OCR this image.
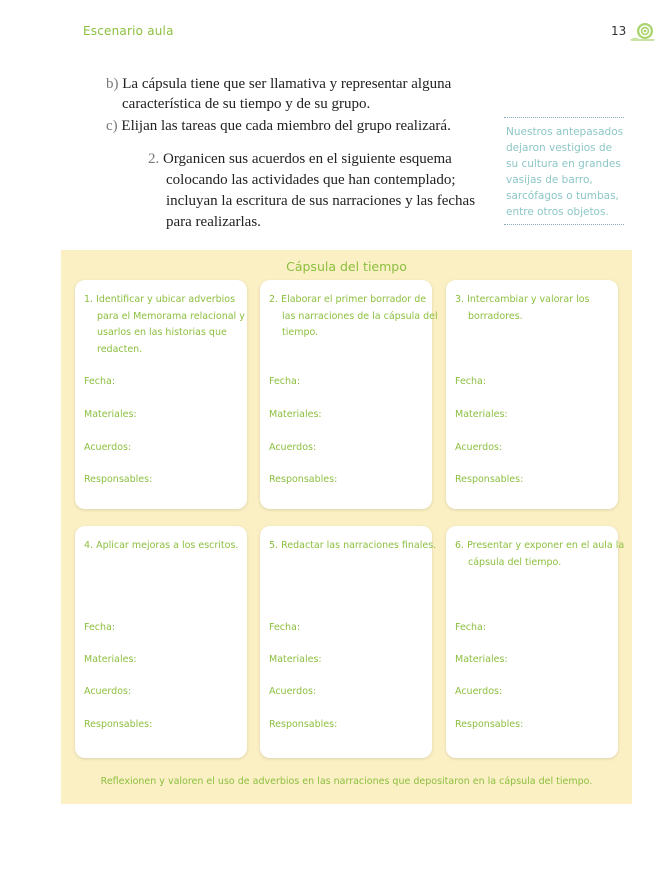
Escenario aula	13
b) La cápsula tiene que ser llamativa y representar alguna
característica de su tiempo y de su grupo.
c) Elijan las tareas que cada miembro del grupo realizará.
2. Organicen sus acuerdos en el siguiente esquema
colocando las actividades que han contemplado;
incluyan la escritura de sus narraciones y las fechas
para realizarlas.
Nuestros antepasados
dejaron vestigios de
su cultura en grandes
vasijas de barro,
sarcófagos o tumbas,
entre otros objetos.
Cápsula del tiempo
1. Identificar y ubicar adverbios para el Memorama relacional y usarlos en las historias que redacten.
Fecha:
Materiales:
Acuerdos:
Responsables:
2. Elaborar el primer borrador de las narraciones de la cápsula del tiempo.
Fecha:
Materiales:
Acuerdos:
Responsables:
3. Intercambiar y valorar los borradores.
Fecha:
Materiales:
Acuerdos:
Responsables:
4. Aplicar mejoras a los escritos.
Fecha:
Materiales:
Acuerdos:
Responsables:
5. Redactar las narraciones finales.
Fecha:
Materiales:
Acuerdos:
Responsables:
6. Presentar y exponer en el aula la cápsula del tiempo.
Fecha:
Materiales:
Acuerdos:
Responsables:
Reflexionen y valoren el uso de adverbios en las narraciones que depositaron en la cápsula del tiempo.
